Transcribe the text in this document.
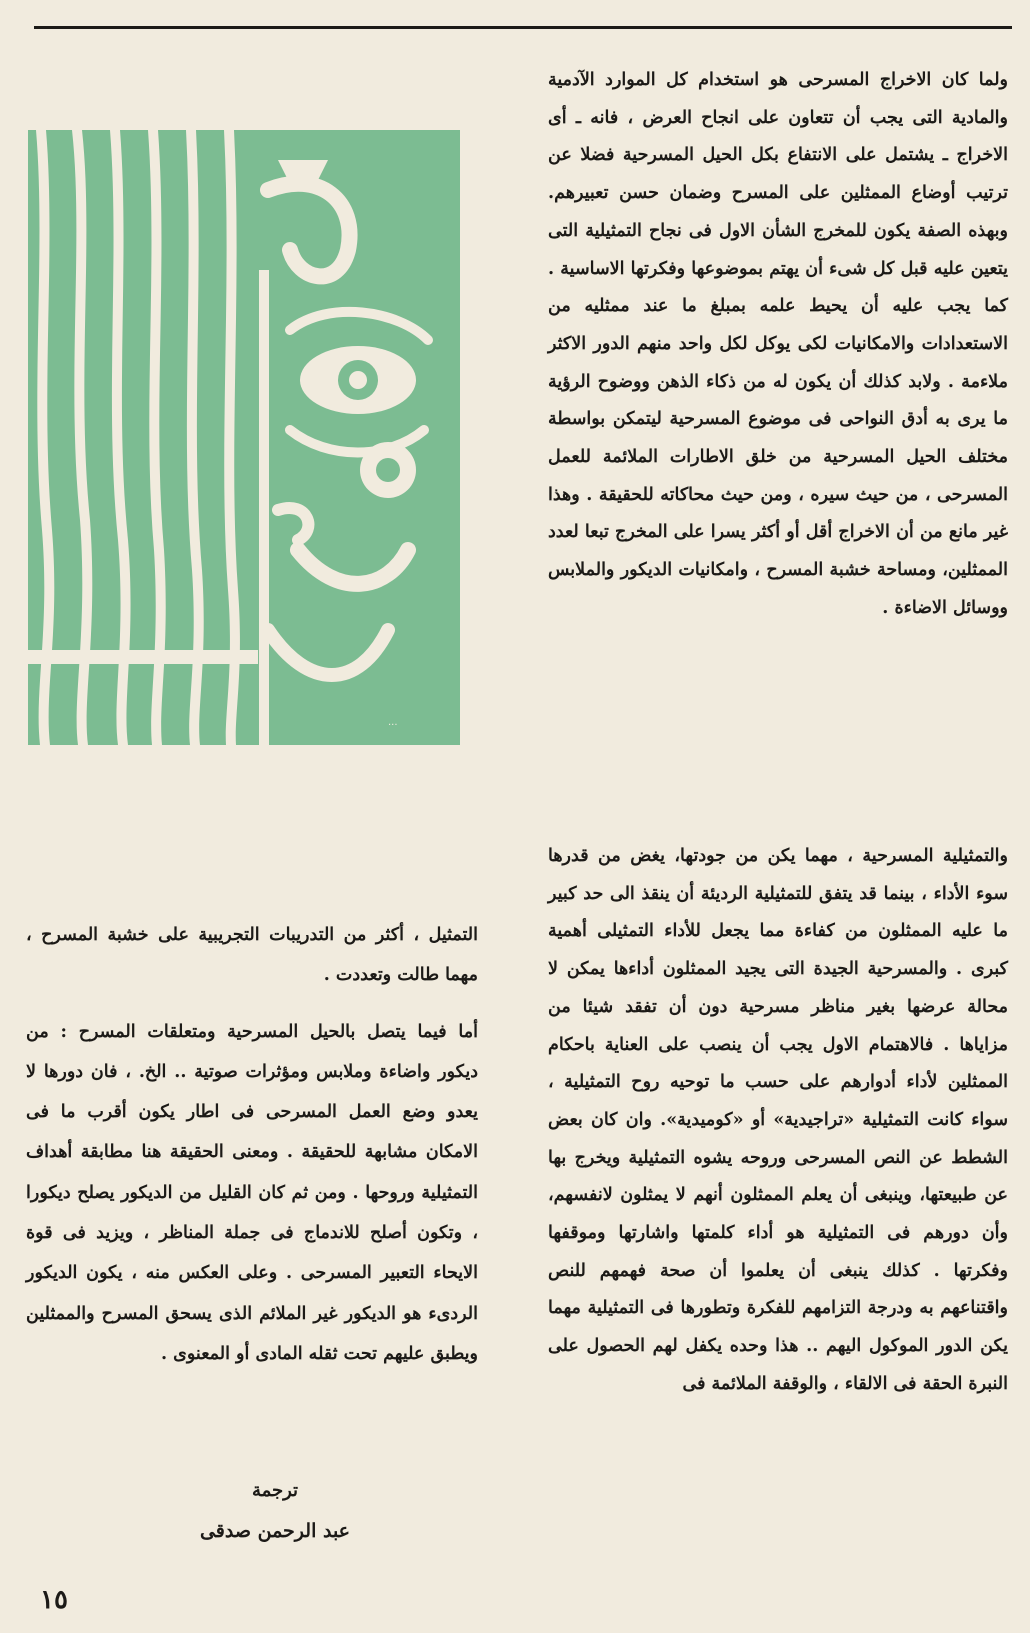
ولما كان الاخراج المسرحى هو استخدام كل الموارد الآدمية والمادية التى يجب أن تتعاون على انجاح العرض ، فانه ـ أى الاخراج ـ يشتمل على الانتفاع بكل الحيل المسرحية فضلا عن ترتيب أوضاع الممثلين على المسرح وضمان حسن تعبيرهم. وبهذه الصفة يكون للمخرج الشأن الاول فى نجاح التمثيلية التى يتعين عليه قبل كل شىء أن يهتم بموضوعها وفكرتها الاساسية . كما يجب عليه أن يحيط علمه بمبلغ ما عند ممثليه من الاستعدادات والامكانيات لكى يوكل لكل واحد منهم الدور الاكثر ملاءمة . ولابد كذلك أن يكون له من ذكاء الذهن ووضوح الرؤية ما يرى به أدق النواحى فى موضوع المسرحية ليتمكن بواسطة مختلف الحيل المسرحية من خلق الاطارات الملائمة للعمل المسرحى ، من حيث سيره ، ومن حيث محاكاته للحقيقة . وهذا غير مانع من أن الاخراج أقل أو أكثر يسرا على المخرج تبعا لعدد الممثلين، ومساحة خشبة المسرح ، وامكانيات الديكور والملابس ووسائل الاضاءة .

والتمثيلية المسرحية ، مهما يكن من جودتها، يغض من قدرها سوء الأداء ، بينما قد يتفق للتمثيلية الرديئة أن ينقذ الى حد كبير ما عليه الممثلون من كفاءة مما يجعل للأداء التمثيلى أهمية كبرى . والمسرحية الجيدة التى يجيد الممثلون أداءها يمكن لا محالة عرضها بغير مناظر مسرحية دون أن تفقد شيئا من مزاياها . فالاهتمام الاول يجب أن ينصب على العناية باحكام الممثلين لأداء أدوارهم على حسب ما توحيه روح التمثيلية ، سواء كانت التمثيلية «تراجيدية» أو «كوميدية». وان كان بعض الشطط عن النص المسرحى وروحه يشوه التمثيلية ويخرج بها عن طبيعتها، وينبغى أن يعلم الممثلون أنهم لا يمثلون لانفسهم، وأن دورهم فى التمثيلية هو أداء كلمتها واشارتها وموقفها وفكرتها . كذلك ينبغى أن يعلموا أن صحة فهمهم للنص واقتناعهم به ودرجة التزامهم للفكرة وتطورها فى التمثيلية مهما يكن الدور الموكول اليهم .. هذا وحده يكفل لهم الحصول على النبرة الحقة فى الالقاء ، والوقفة الملائمة فى

التمثيل ، أكثر من التدريبات التجريبية على خشبة المسرح ، مهما طالت وتعددت .

أما فيما يتصل بالحيل المسرحية ومتعلقات المسرح : من ديكور واضاءة وملابس ومؤثرات صوتية .. الخ. ، فان دورها لا يعدو وضع العمل المسرحى فى اطار يكون أقرب ما فى الامكان مشابهة للحقيقة . ومعنى الحقيقة هنا مطابقة أهداف التمثيلية وروحها . ومن ثم كان القليل من الديكور يصلح ديكورا ، وتكون أصلح للاندماج فى جملة المناظر ، ويزيد فى قوة الايحاء التعبير المسرحى . وعلى العكس منه ، يكون الديكور الردىء هو الديكور غير الملائم الذى يسحق المسرح والممثلين ويطبق عليهم تحت ثقله المادى أو المعنوى .

ترجمة
عبد الرحمن صدقى
١٥
...
